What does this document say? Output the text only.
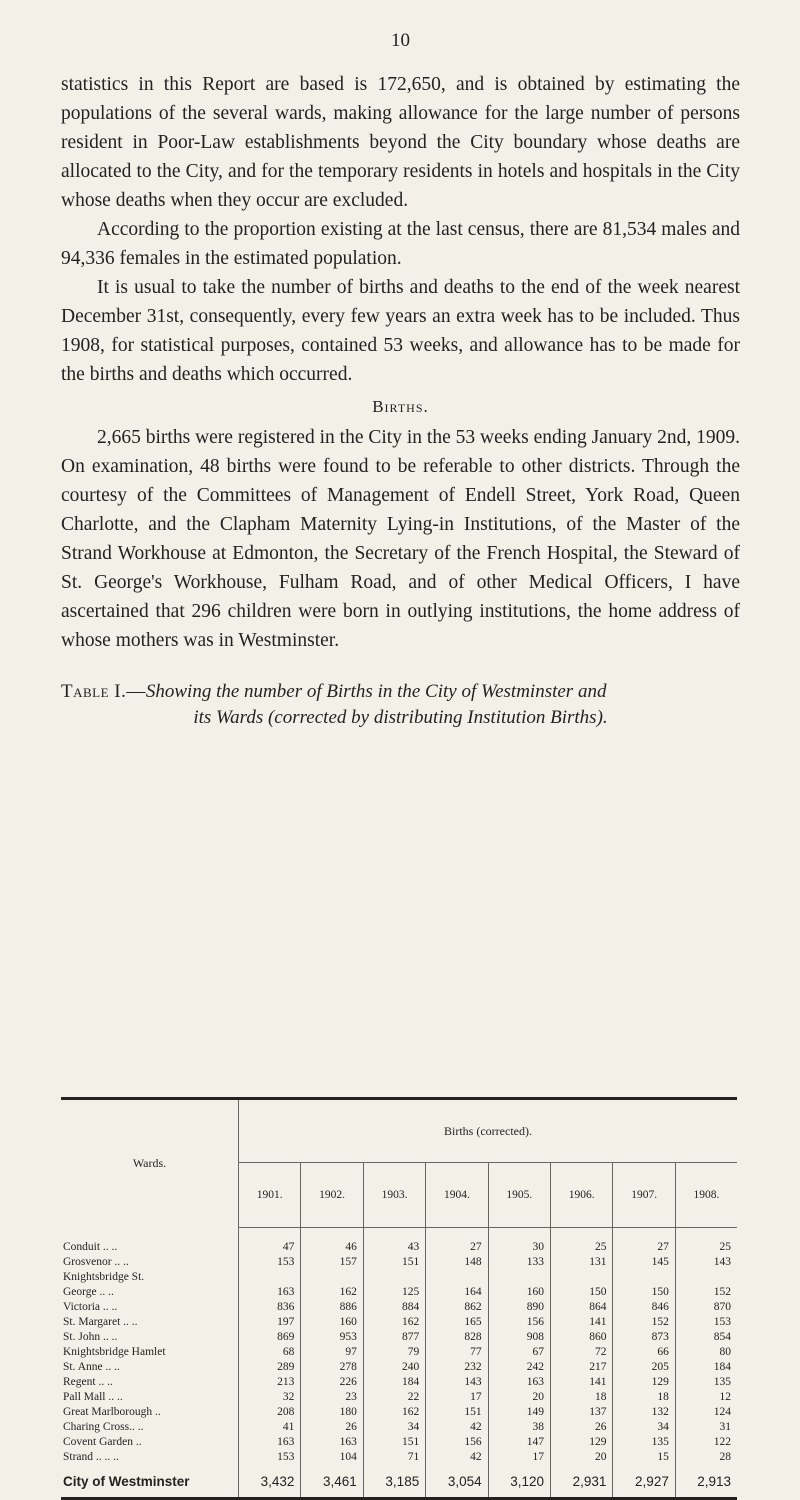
10

statistics in this Report are based is 172,650, and is obtained by estimating the populations of the several wards, making allowance for the large number of persons resident in Poor-Law establishments beyond the City boundary whose deaths are allocated to the City, and for the temporary residents in hotels and hospitals in the City whose deaths when they occur are excluded.

According to the proportion existing at the last census, there are 81,534 males and 94,336 females in the estimated population.

It is usual to take the number of births and deaths to the end of the week nearest December 31st, consequently, every few years an extra week has to be included. Thus 1908, for statistical purposes, contained 53 weeks, and allowance has to be made for the births and deaths which occurred.

Births.

2,665 births were registered in the City in the 53 weeks ending January 2nd, 1909. On examination, 48 births were found to be referable to other districts. Through the courtesy of the Committees of Management of Endell Street, York Road, Queen Charlotte, and the Clapham Maternity Lying-in Institutions, of the Master of the Strand Workhouse at Edmonton, the Secretary of the French Hospital, the Steward of St. George's Workhouse, Fulham Road, and of other Medical Officers, I have ascertained that 296 children were born in outlying institutions, the home address of whose mothers was in Westminster.

Table I.—Showing the number of Births in the City of Westminster and
its Wards (corrected by distributing Institution Births).

Wards.	Births (corrected).							
	1901.	1902.	1903.	1904.	1905.	1906.	1907.	1908.

Conduit .. ..	47	46	43	27	30	25	27	25
Grosvenor .. ..	153	157	151	148	133	131	145	143
Knightsbridge St.								
George .. ..	163	162	125	164	160	150	150	152
Victoria .. ..	836	886	884	862	890	864	846	870
St. Margaret .. ..	197	160	162	165	156	141	152	153
St. John .. ..	869	953	877	828	908	860	873	854
Knightsbridge Hamlet	68	97	79	77	67	72	66	80
St. Anne .. ..	289	278	240	232	242	217	205	184
Regent .. ..	213	226	184	143	163	141	129	135
Pall Mall .. ..	32	23	22	17	20	18	18	12
Great Marlborough ..	208	180	162	151	149	137	132	124
Charing Cross.. ..	41	26	34	42	38	26	34	31
Covent Garden ..	163	163	151	156	147	129	135	122
Strand .. .. ..	153	104	71	42	17	20	15	28
City of Westminster	3,432	3,461	3,185	3,054	3,120	2,931	2,927	2,913
